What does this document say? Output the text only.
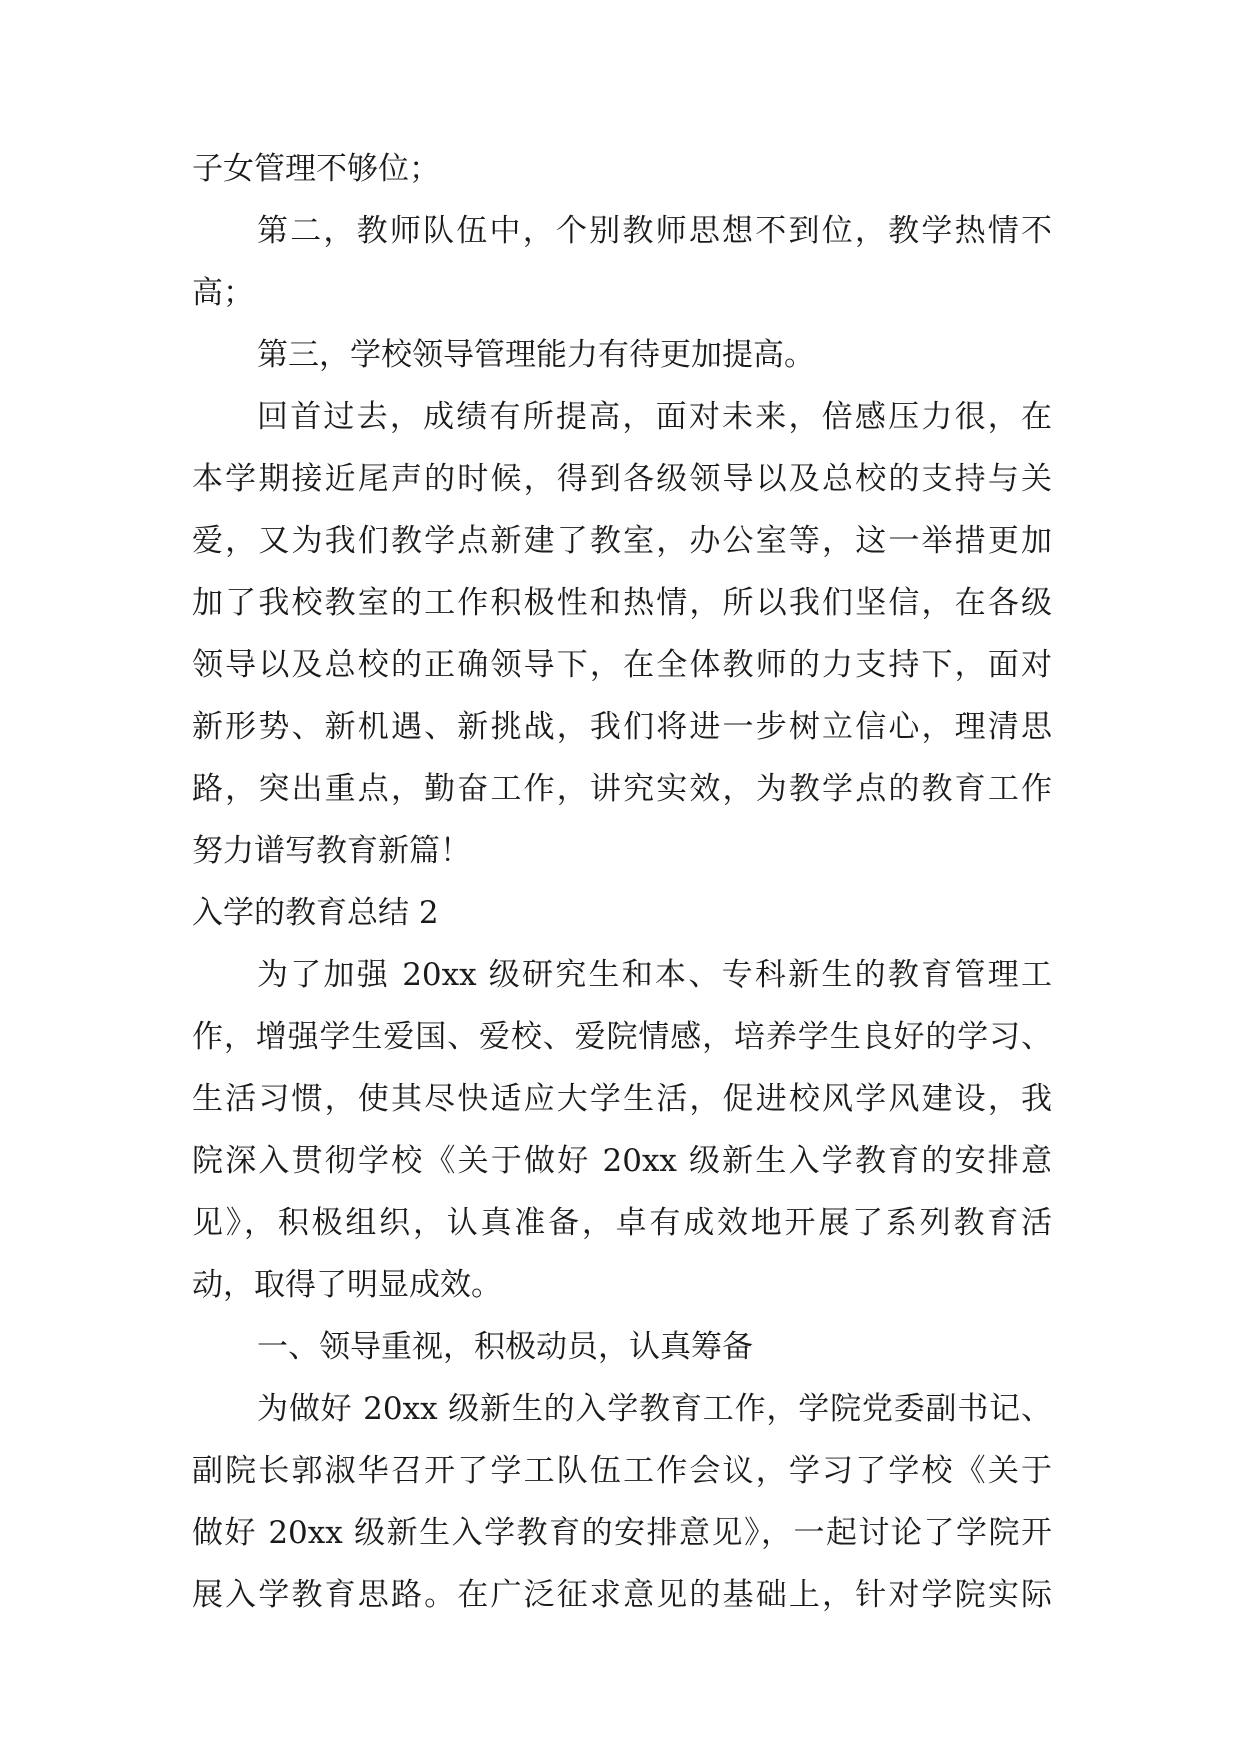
子女管理不够位；
第二，教师队伍中，个别教师思想不到位，教学热情不
高；
第三，学校领导管理能力有待更加提高。
回首过去，成绩有所提高，面对未来，倍感压力很，在
本学期接近尾声的时候，得到各级领导以及总校的支持与关
爱，又为我们教学点新建了教室，办公室等，这一举措更加
加了我校教室的工作积极性和热情，所以我们坚信，在各级
领导以及总校的正确领导下，在全体教师的力支持下，面对
新形势、新机遇、新挑战，我们将进一步树立信心，理清思
路，突出重点，勤奋工作，讲究实效，为教学点的教育工作
努力谱写教育新篇！
入学的教育总结 2
为了加强 20xx 级研究生和本、专科新生的教育管理工
作，增强学生爱国、爱校、爱院情感，培养学生良好的学习、
生活习惯，使其尽快适应大学生活，促进校风学风建设，我
院深入贯彻学校《关于做好 20xx 级新生入学教育的安排意
见》，积极组织，认真准备，卓有成效地开展了系列教育活
动，取得了明显成效。
一、领导重视，积极动员，认真筹备
为做好 20xx 级新生的入学教育工作，学院党委副书记、
副院长郭淑华召开了学工队伍工作会议，学习了学校《关于
做好 20xx 级新生入学教育的安排意见》，一起讨论了学院开
展入学教育思路。在广泛征求意见的基础上，针对学院实际
